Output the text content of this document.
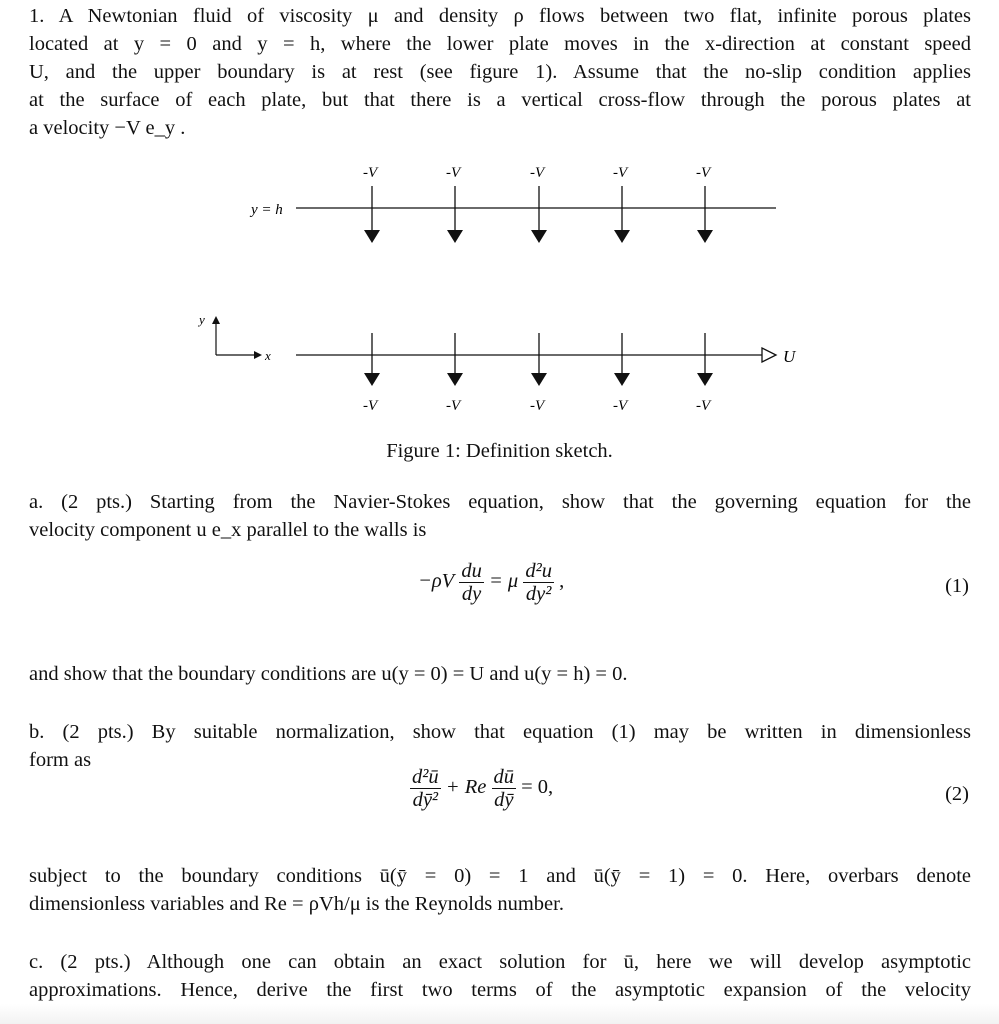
1. A Newtonian fluid of viscosity μ and density ρ flows between two flat, infinite porous plates
located at y = 0 and y = h, where the lower plate moves in the x-direction at constant speed
U, and the upper boundary is at rest (see figure 1). Assume that the no-slip condition applies
at the surface of each plate, but that there is a vertical cross-flow through the porous plates at
a velocity −V e_y .
y = h
-V	-V	-V	-V	-V
y
x	U
-V	-V	-V	-V	-V
Figure 1: Definition sketch.
a. (2 pts.) Starting from the Navier-Stokes equation, show that the governing equation for the
velocity component u e_x parallel to the walls is
$-\rho V \frac{du}{dy} = \mu \frac{\text{d²u}}{\text{dy²}}$ ,	(1)
and show that the boundary conditions are u(y = 0) = U and u(y = h) = 0.
b. (2 pts.) By suitable normalization, show that equation (1) may be written in dimensionless
form as
$\frac{\text{d²ū}}{\text{dȳ²}} + Re \frac{dū}{dȳ} = 0$,	(2)
subject to the boundary conditions ū(ȳ = 0) = 1 and ū(ȳ = 1) = 0. Here, overbars denote
dimensionless variables and Re = ρVh/μ is the Reynolds number.
c. (2 pts.) Although one can obtain an exact solution for ū, here we will develop asymptotic
approximations. Hence, derive the first two terms of the asymptotic expansion of the velocity
